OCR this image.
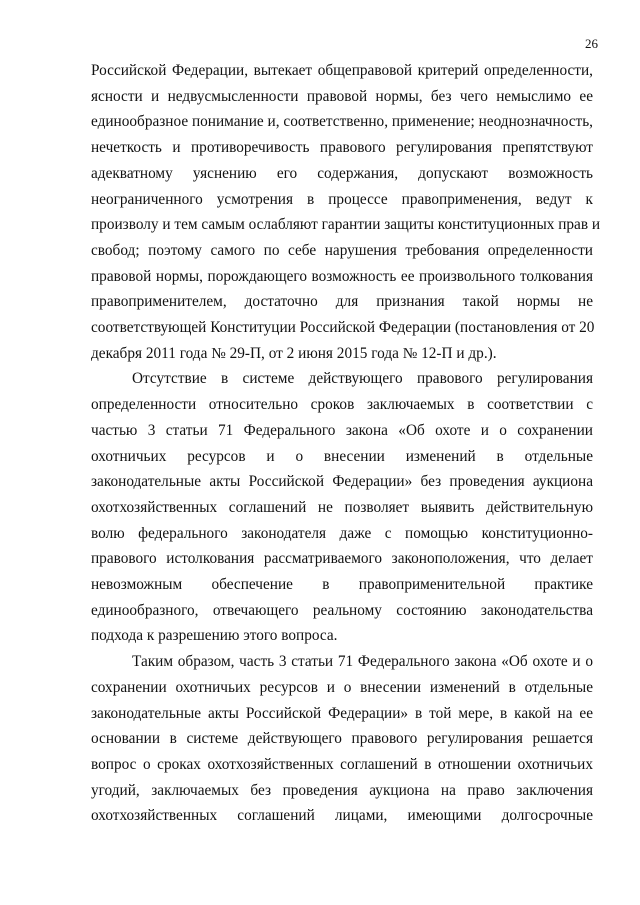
26

Российской Федерации, вытекает общеправовой критерий определенности,
ясности и недвусмысленности правовой нормы, без чего немыслимо ее
единообразное понимание и, соответственно, применение; неоднозначность,
нечеткость и противоречивость правового регулирования препятствуют
адекватному уяснению его содержания, допускают возможность
неограниченного усмотрения в процессе правоприменения, ведут к
произволу и тем самым ослабляют гарантии защиты конституционных прав и
свобод; поэтому самого по себе нарушения требования определенности
правовой нормы, порождающего возможность ее произвольного толкования
правоприменителем, достаточно для признания такой нормы не
соответствующей Конституции Российской Федерации (постановления от 20
декабря 2011 года № 29-П, от 2 июня 2015 года № 12-П и др.).

Отсутствие в системе действующего правового регулирования
определенности относительно сроков заключаемых в соответствии с
частью 3 статьи 71 Федерального закона «Об охоте и о сохранении
охотничьих ресурсов и о внесении изменений в отдельные
законодательные акты Российской Федерации» без проведения аукциона
охотхозяйственных соглашений не позволяет выявить действительную
волю федерального законодателя даже с помощью конституционно-
правового истолкования рассматриваемого законоположения, что делает
невозможным обеспечение в правоприменительной практике
единообразного, отвечающего реальному состоянию законодательства
подхода к разрешению этого вопроса.

Таким образом, часть 3 статьи 71 Федерального закона «Об охоте и о
сохранении охотничьих ресурсов и о внесении изменений в отдельные
законодательные акты Российской Федерации» в той мере, в какой на ее
основании в системе действующего правового регулирования решается
вопрос о сроках охотхозяйственных соглашений в отношении охотничьих
угодий, заключаемых без проведения аукциона на право заключения
охотхозяйственных соглашений лицами, имеющими долгосрочные
